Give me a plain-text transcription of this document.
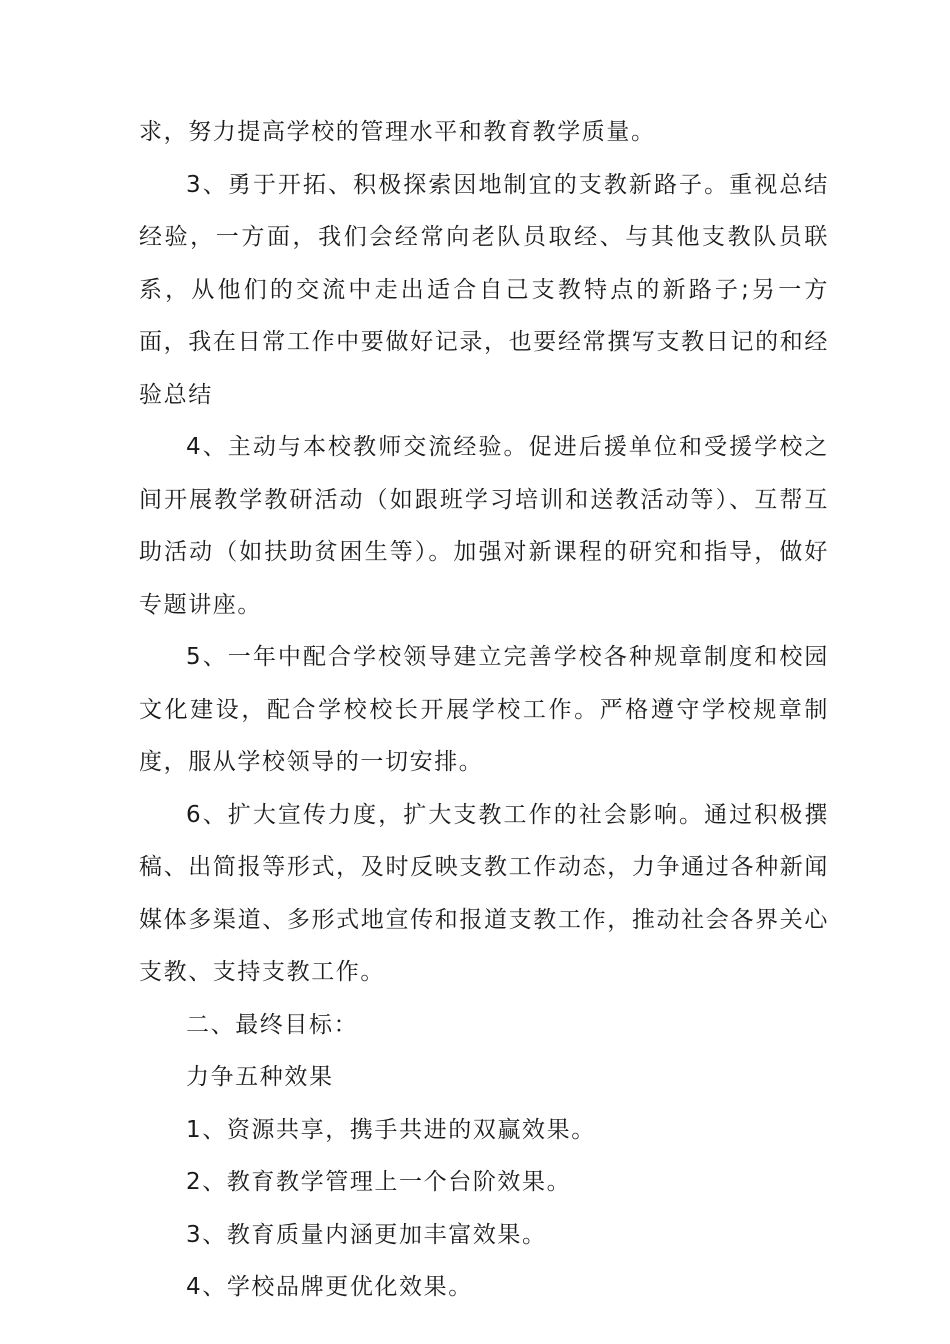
求，努力提高学校的管理水平和教育教学质量。

3、勇于开拓、积极探索因地制宜的支教新路子。重视总结经验，一方面，我们会经常向老队员取经、与其他支教队员联系，从他们的交流中走出适合自己支教特点的新路子;另一方面，我在日常工作中要做好记录，也要经常撰写支教日记的和经验总结

4、主动与本校教师交流经验。促进后援单位和受援学校之间开展教学教研活动（如跟班学习培训和送教活动等）、互帮互助活动（如扶助贫困生等）。加强对新课程的研究和指导，做好专题讲座。

5、一年中配合学校领导建立完善学校各种规章制度和校园文化建设，配合学校校长开展学校工作。严格遵守学校规章制度，服从学校领导的一切安排。

6、扩大宣传力度，扩大支教工作的社会影响。通过积极撰稿、出简报等形式，及时反映支教工作动态，力争通过各种新闻媒体多渠道、多形式地宣传和报道支教工作，推动社会各界关心支教、支持支教工作。

二、最终目标：

力争五种效果

1、资源共享，携手共进的双赢效果。

2、教育教学管理上一个台阶效果。

3、教育质量内涵更加丰富效果。

4、学校品牌更优化效果。
